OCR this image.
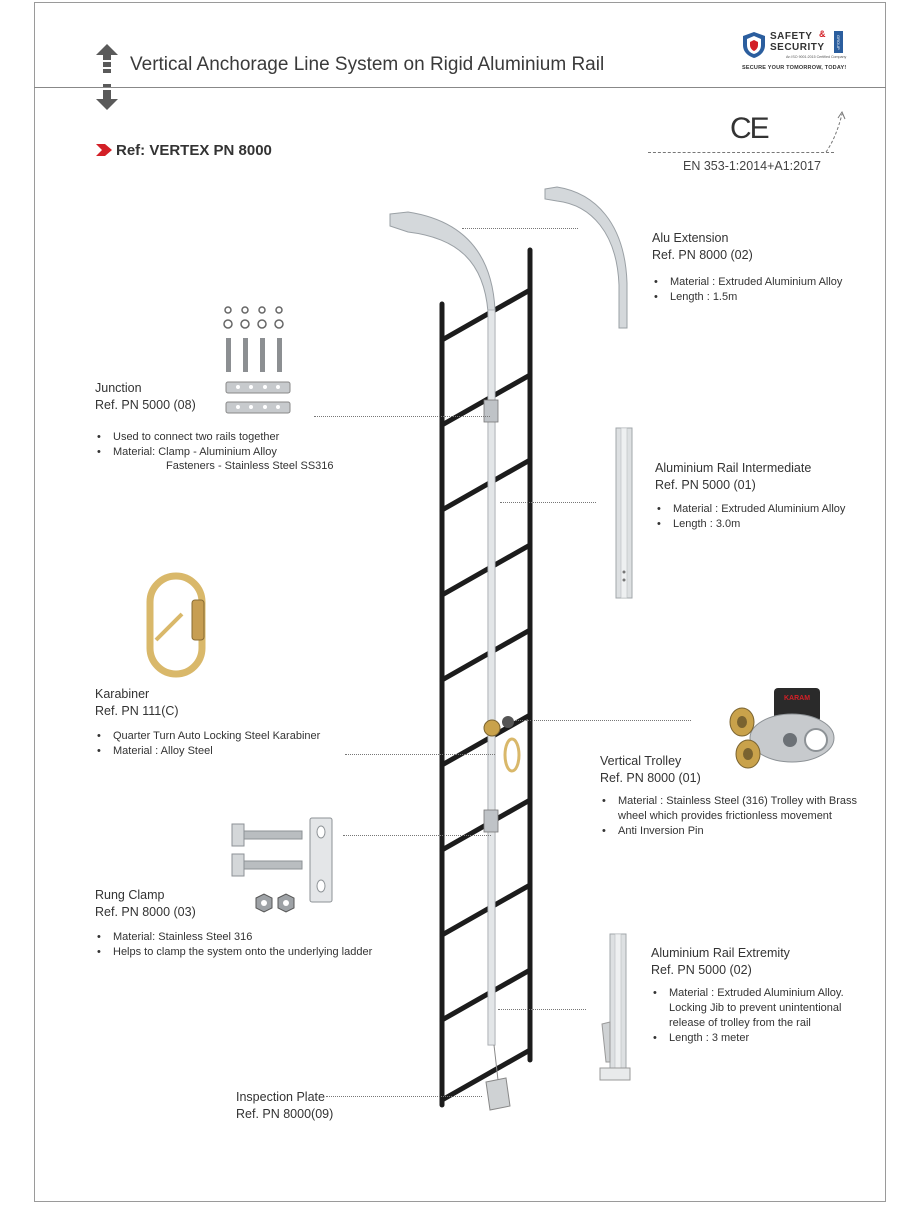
Vertical Anchorage Line System on Rigid Aluminium Rail
SAFETY &
SECURITY	GROUP
An ISO 9001:2015 Certified Company
SECURE YOUR TOMORROW, TODAY!
Ref: VERTEX PN 8000
CE
EN 353-1:2014+A1:2017
Alu Extension
Ref. PN 8000 (02)
• Material : Extruded Aluminium Alloy
• Length : 1.5m
Junction
Ref. PN 5000 (08)
• Used to connect two rails together
• Material: Clamp - Aluminium Alloy
Fasteners - Stainless Steel SS316	Aluminium Rail Intermediate
Ref. PN 5000 (01)
• Material : Extruded Aluminium Alloy
• Length : 3.0m
Karabiner
Ref. PN 111(C)
• Quarter Turn Auto Locking Steel Karabiner
• Material : Alloy Steel
KARAM
Vertical Trolley
Ref. PN 8000 (01)
• Material : Stainless Steel (316) Trolley with Brass
wheel which provides frictionless movement
• Anti Inversion Pin
Rung Clamp
Ref. PN 8000 (03)
• Material: Stainless Steel 316
• Helps to clamp the system onto the underlying ladder	Aluminium Rail Extremity
Ref. PN 5000 (02)
• Material : Extruded Aluminium Alloy.
Locking Jib to prevent unintentional
release of trolley from the rail
• Length : 3 meter
Inspection Plate
Ref. PN 8000(09)
